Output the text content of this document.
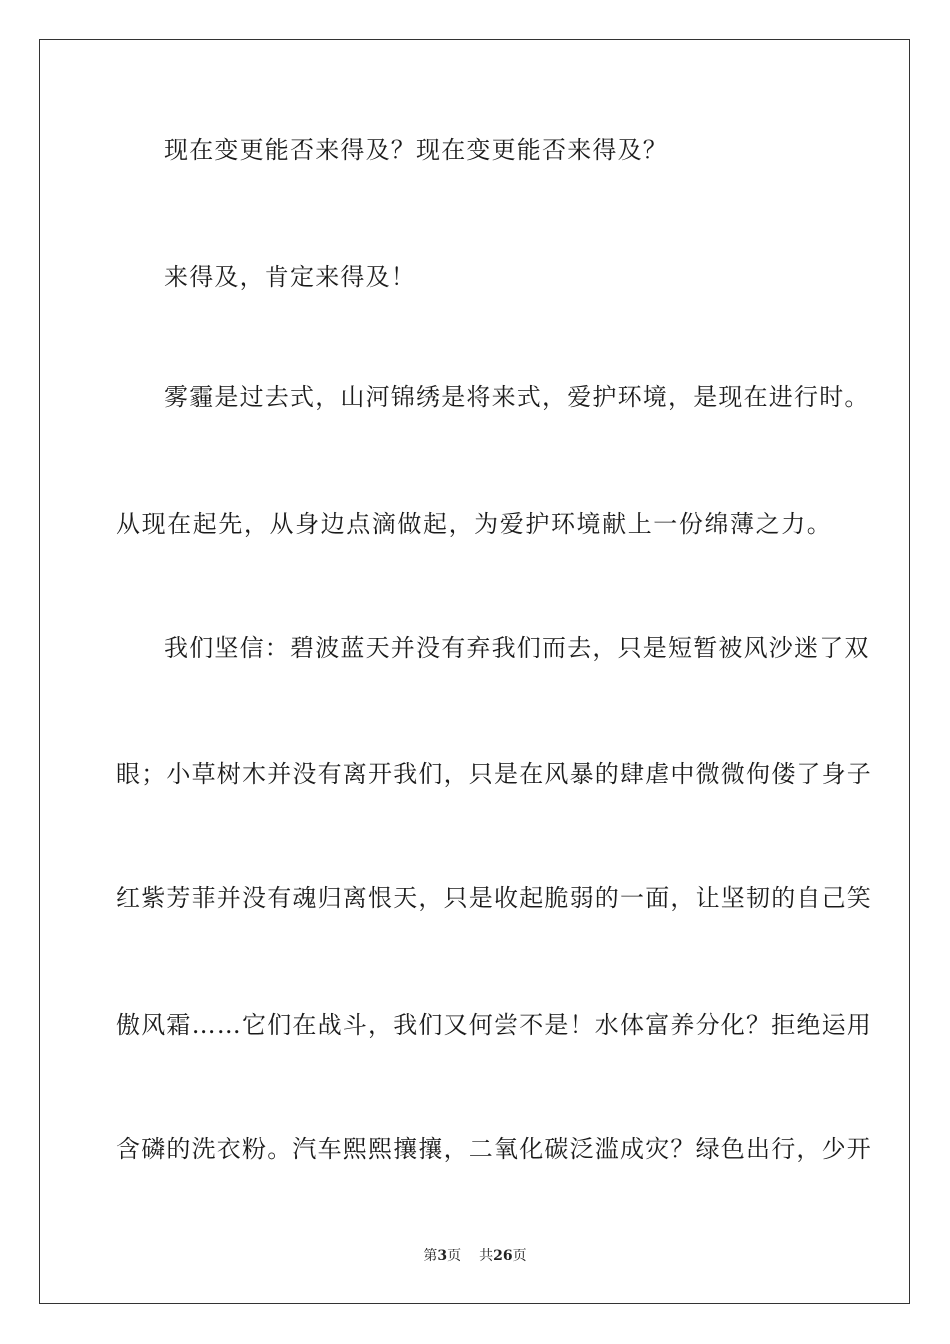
现在变更能否来得及？现在变更能否来得及？
来得及，肯定来得及！
雾霾是过去式，山河锦绣是将来式，爱护环境，是现在进行时。
从现在起先，从身边点滴做起，为爱护环境献上一份绵薄之力。
我们坚信：碧波蓝天并没有弃我们而去，只是短暂被风沙迷了双
眼；小草树木并没有离开我们，只是在风暴的肆虐中微微佝偻了身子
红紫芳菲并没有魂归离恨天，只是收起脆弱的一面，让坚韧的自己笑
傲风霜……它们在战斗，我们又何尝不是！水体富养分化？拒绝运用
含磷的洗衣粉。汽车熙熙攘攘，二氧化碳泛滥成灾？绿色出行，少开
第3页 共26页
